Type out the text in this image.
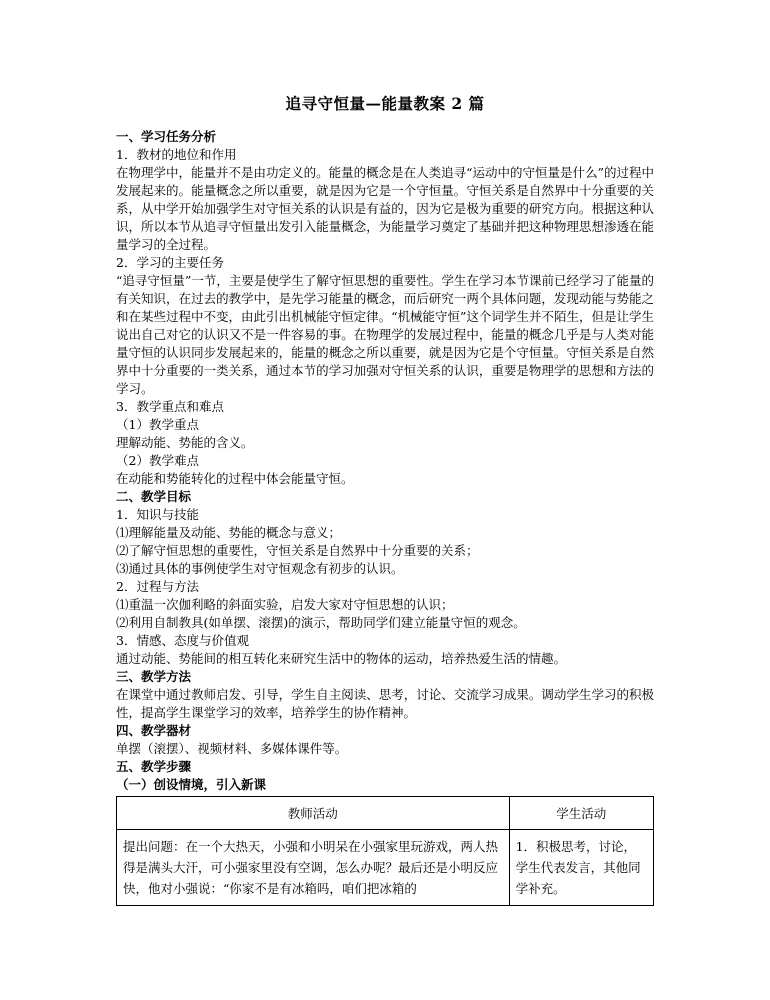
追寻守恒量—能量教案 2 篇
一、学习任务分析
1．教材的地位和作用
在物理学中，能量并不是由功定义的。能量的概念是在人类追寻“运动中的守恒量是什么”的过程中发展起来的。能量概念之所以重要，就是因为它是一个守恒量。守恒关系是自然界中十分重要的关系，从中学开始加强学生对守恒关系的认识是有益的，因为它是极为重要的研究方向。根据这种认识，所以本节从追寻守恒量出发引入能量概念，为能量学习奠定了基础并把这种物理思想渗透在能量学习的全过程。
2．学习的主要任务
“追寻守恒量”一节，主要是使学生了解守恒思想的重要性。学生在学习本节课前已经学习了能量的有关知识，在过去的教学中，是先学习能量的概念，而后研究一两个具体问题，发现动能与势能之和在某些过程中不变，由此引出机械能守恒定律。“机械能守恒”这个词学生并不陌生，但是让学生说出自己对它的认识又不是一件容易的事。在物理学的发展过程中，能量的概念几乎是与人类对能量守恒的认识同步发展起来的，能量的概念之所以重要，就是因为它是个守恒量。守恒关系是自然界中十分重要的一类关系，通过本节的学习加强对守恒关系的认识，重要是物理学的思想和方法的学习。
3．教学重点和难点
（1）教学重点
理解动能、势能的含义。
（2）教学难点
在动能和势能转化的过程中体会能量守恒。
二、教学目标
1．知识与技能
⑴理解能量及动能、势能的概念与意义；
⑵了解守恒思想的重要性，守恒关系是自然界中十分重要的关系；
⑶通过具体的事例使学生对守恒观念有初步的认识。
2．过程与方法
⑴重温一次伽利略的斜面实验，启发大家对守恒思想的认识；
⑵利用自制教具(如单摆、滚摆)的演示，帮助同学们建立能量守恒的观念。
3．情感、态度与价值观
通过动能、势能间的相互转化来研究生活中的物体的运动，培养热爱生活的情趣。
三、教学方法
在课堂中通过教师启发、引导，学生自主阅读、思考，讨论、交流学习成果。调动学生学习的积极性，提高学生课堂学习的效率，培养学生的协作精神。
四、教学器材
单摆（滚摆）、视频材料、多媒体课件等。
五、教学步骤
（一）创设情境，引入新课
教师活动	学生活动
提出问题：在一个大热天，小强和小明呆在小强家里玩游戏，两人热得是满头大汗，可小强家里没有空调，怎么办呢？最后还是小明反应快，他对小强说：“你家不是有冰箱吗，咱们把冰箱的	1．积极思考，讨论，学生代表发言，其他同学补充。
